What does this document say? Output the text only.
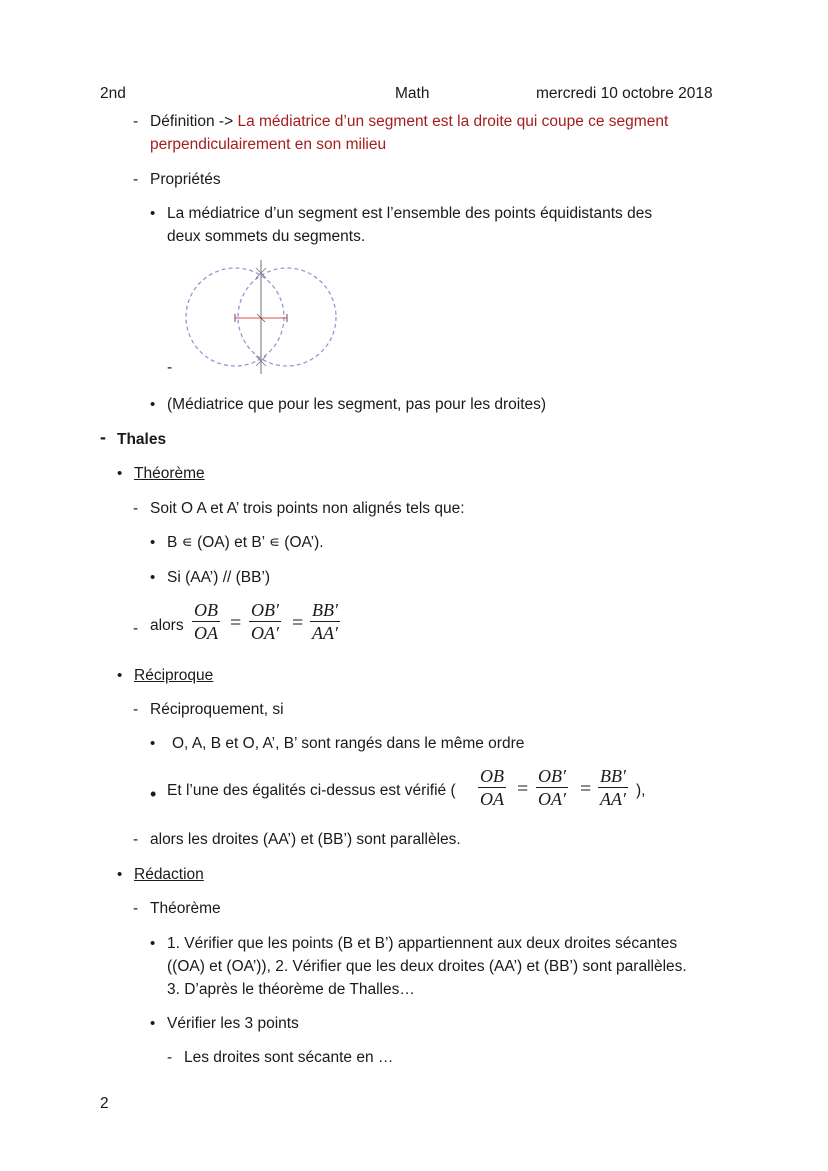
2nd	Math	mercredi 10 octobre 2018
- Définition -> La médiatrice d’un segment est la droite qui coupe ce segment
perpendiculairement en son milieu
- Propriétés
• La médiatrice d’un segment est l’ensemble des points équidistants des
deux sommets du segments.
-
• (Médiatrice que pour les segment, pas pour les droites)
- Thales
• Théorème
- Soit O A et A’ trois points non alignés tels que:
• B ∊ (OA) et B’ ∊ (OA’).
• Si (AA’) // (BB’)
- alors $\frac{OB}{OA} = \frac{OB'}{OA'} = \frac{BB'}{AA'}$
• Réciproque
- Réciproquement, si
• O, A, B et O, A’, B’ sont rangés dans le même ordre
• Et l’une des égalités ci-dessus est vérifié ( $\frac{OB}{OA} = \frac{OB'}{OA'} = \frac{BB'}{AA'}$ ),
- alors les droites (AA’) et (BB’) sont parallèles.
• Rédaction
- Théorème
• 1. Vérifier que les points (B et B’) appartiennent aux deux droites sécantes
((OA) et (OA’)), 2. Vérifier que les deux droites (AA’) et (BB’) sont parallèles.
3. D’après le théorème de Thalles…
• Vérifier les 3 points
- Les droites sont sécante en …
2
